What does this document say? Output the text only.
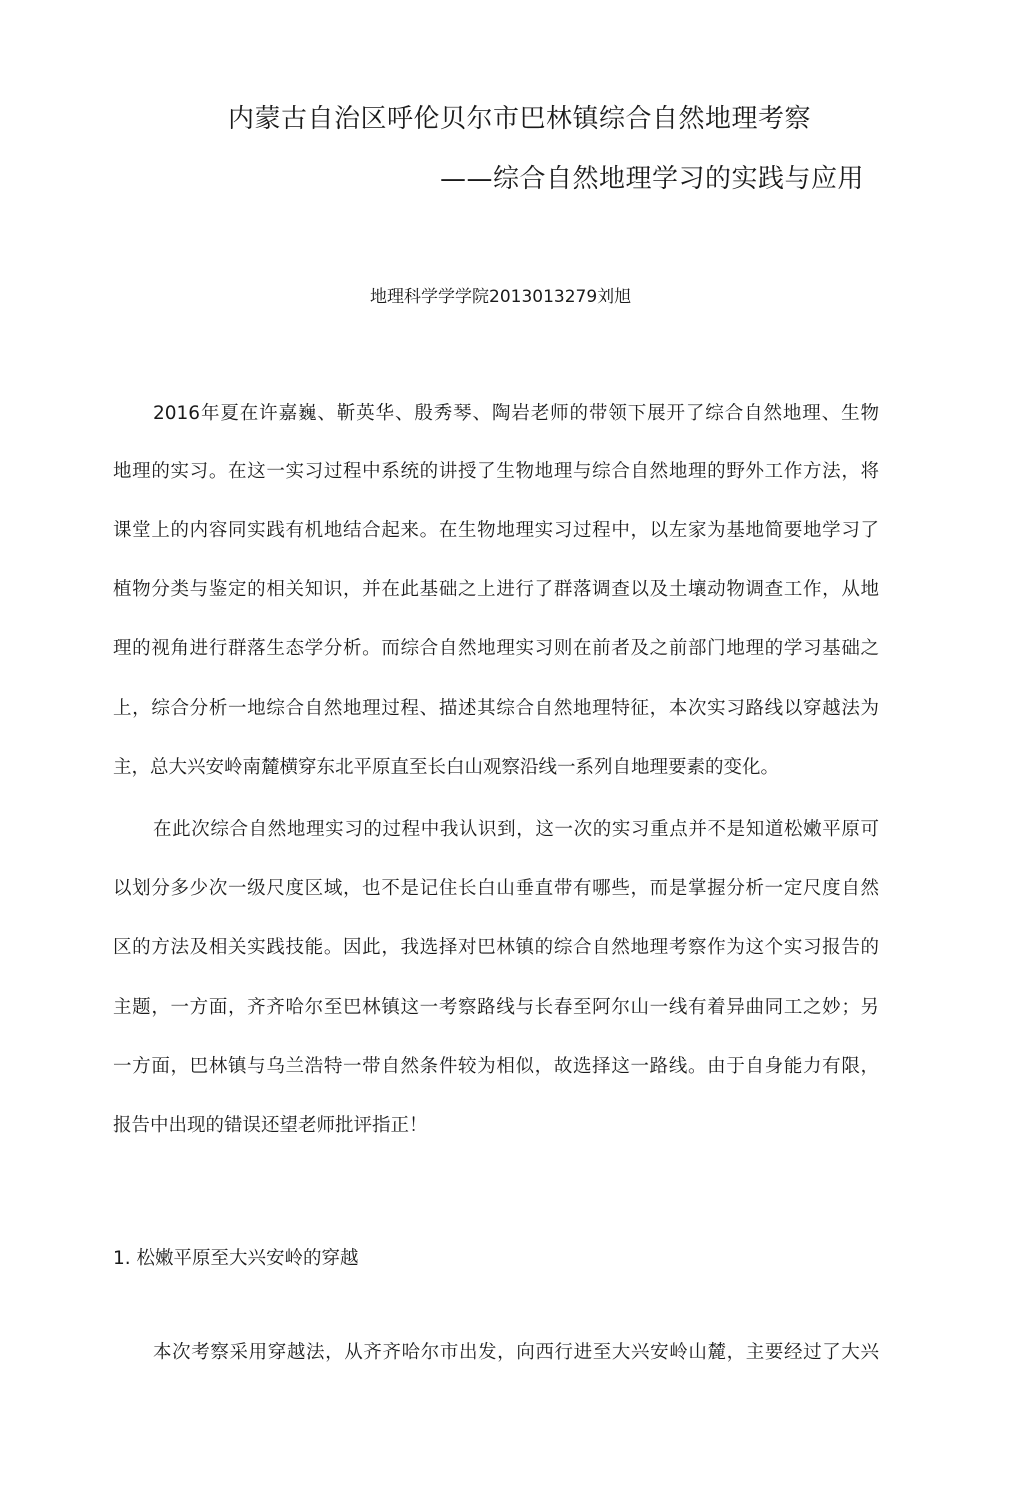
内蒙古自治区呼伦贝尔市巴林镇综合自然地理考察
——综合自然地理学习的实践与应用
地理科学学学院2013013279刘旭
2016年夏在许嘉巍、靳英华、殷秀琴、陶岩老师的带领下展开了综合自然地理、生物
地理的实习。在这一实习过程中系统的讲授了生物地理与综合自然地理的野外工作方法，将
课堂上的内容同实践有机地结合起来。在生物地理实习过程中，以左家为基地简要地学习了
植物分类与鉴定的相关知识，并在此基础之上进行了群落调查以及土壤动物调查工作，从地
理的视角进行群落生态学分析。而综合自然地理实习则在前者及之前部门地理的学习基础之
上，综合分析一地综合自然地理过程、描述其综合自然地理特征，本次实习路线以穿越法为
主，总大兴安岭南麓横穿东北平原直至长白山观察沿线一系列自地理要素的变化。
在此次综合自然地理实习的过程中我认识到，这一次的实习重点并不是知道松嫩平原可
以划分多少次一级尺度区域，也不是记住长白山垂直带有哪些，而是掌握分析一定尺度自然
区的方法及相关实践技能。因此，我选择对巴林镇的综合自然地理考察作为这个实习报告的
主题，一方面，齐齐哈尔至巴林镇这一考察路线与长春至阿尔山一线有着异曲同工之妙；另
一方面，巴林镇与乌兰浩特一带自然条件较为相似，故选择这一路线。由于自身能力有限，
报告中出现的错误还望老师批评指正！
1. 松嫩平原至大兴安岭的穿越
本次考察采用穿越法，从齐齐哈尔市出发，向西行进至大兴安岭山麓，主要经过了大兴
